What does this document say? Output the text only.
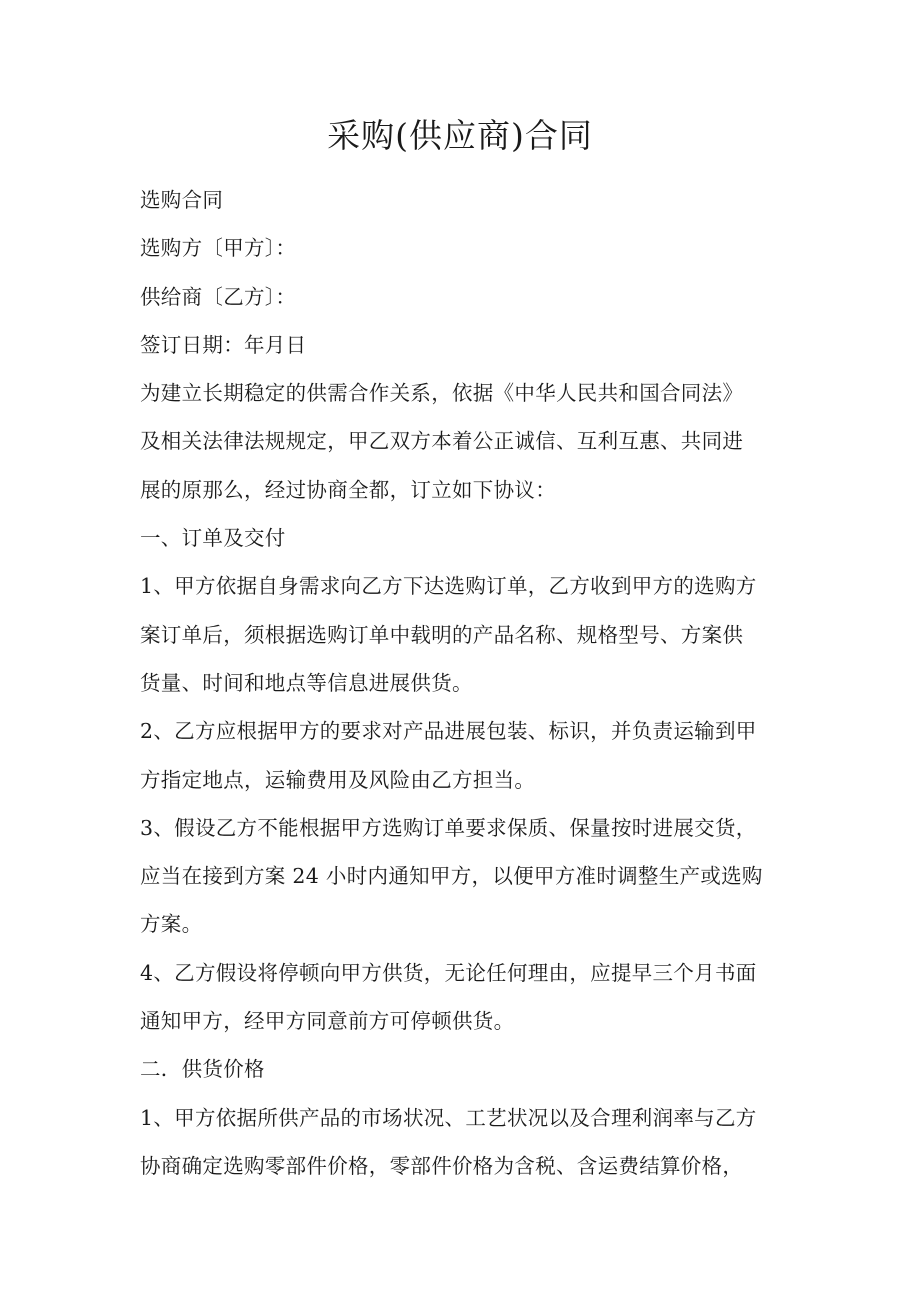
采购(供应商)合同
选购合同
选购方〔甲方〕：
供给商〔乙方〕：
签订日期：年月日
为建立长期稳定的供需合作关系，依据《中华人民共和国合同法》
及相关法律法规规定，甲乙双方本着公正诚信、互利互惠、共同进
展的原那么，经过协商全都，订立如下协议：
一、订单及交付
1、甲方依据自身需求向乙方下达选购订单，乙方收到甲方的选购方
案订单后，须根据选购订单中载明的产品名称、规格型号、方案供
货量、时间和地点等信息进展供货。
2、乙方应根据甲方的要求对产品进展包装、标识，并负责运输到甲
方指定地点，运输费用及风险由乙方担当。
3、假设乙方不能根据甲方选购订单要求保质、保量按时进展交货，
应当在接到方案 24 小时内通知甲方，以便甲方准时调整生产或选购
方案。
4、乙方假设将停顿向甲方供货，无论任何理由，应提早三个月书面
通知甲方，经甲方同意前方可停顿供货。
二．供货价格
1、甲方依据所供产品的市场状况、工艺状况以及合理利润率与乙方
协商确定选购零部件价格，零部件价格为含税、含运费结算价格，
